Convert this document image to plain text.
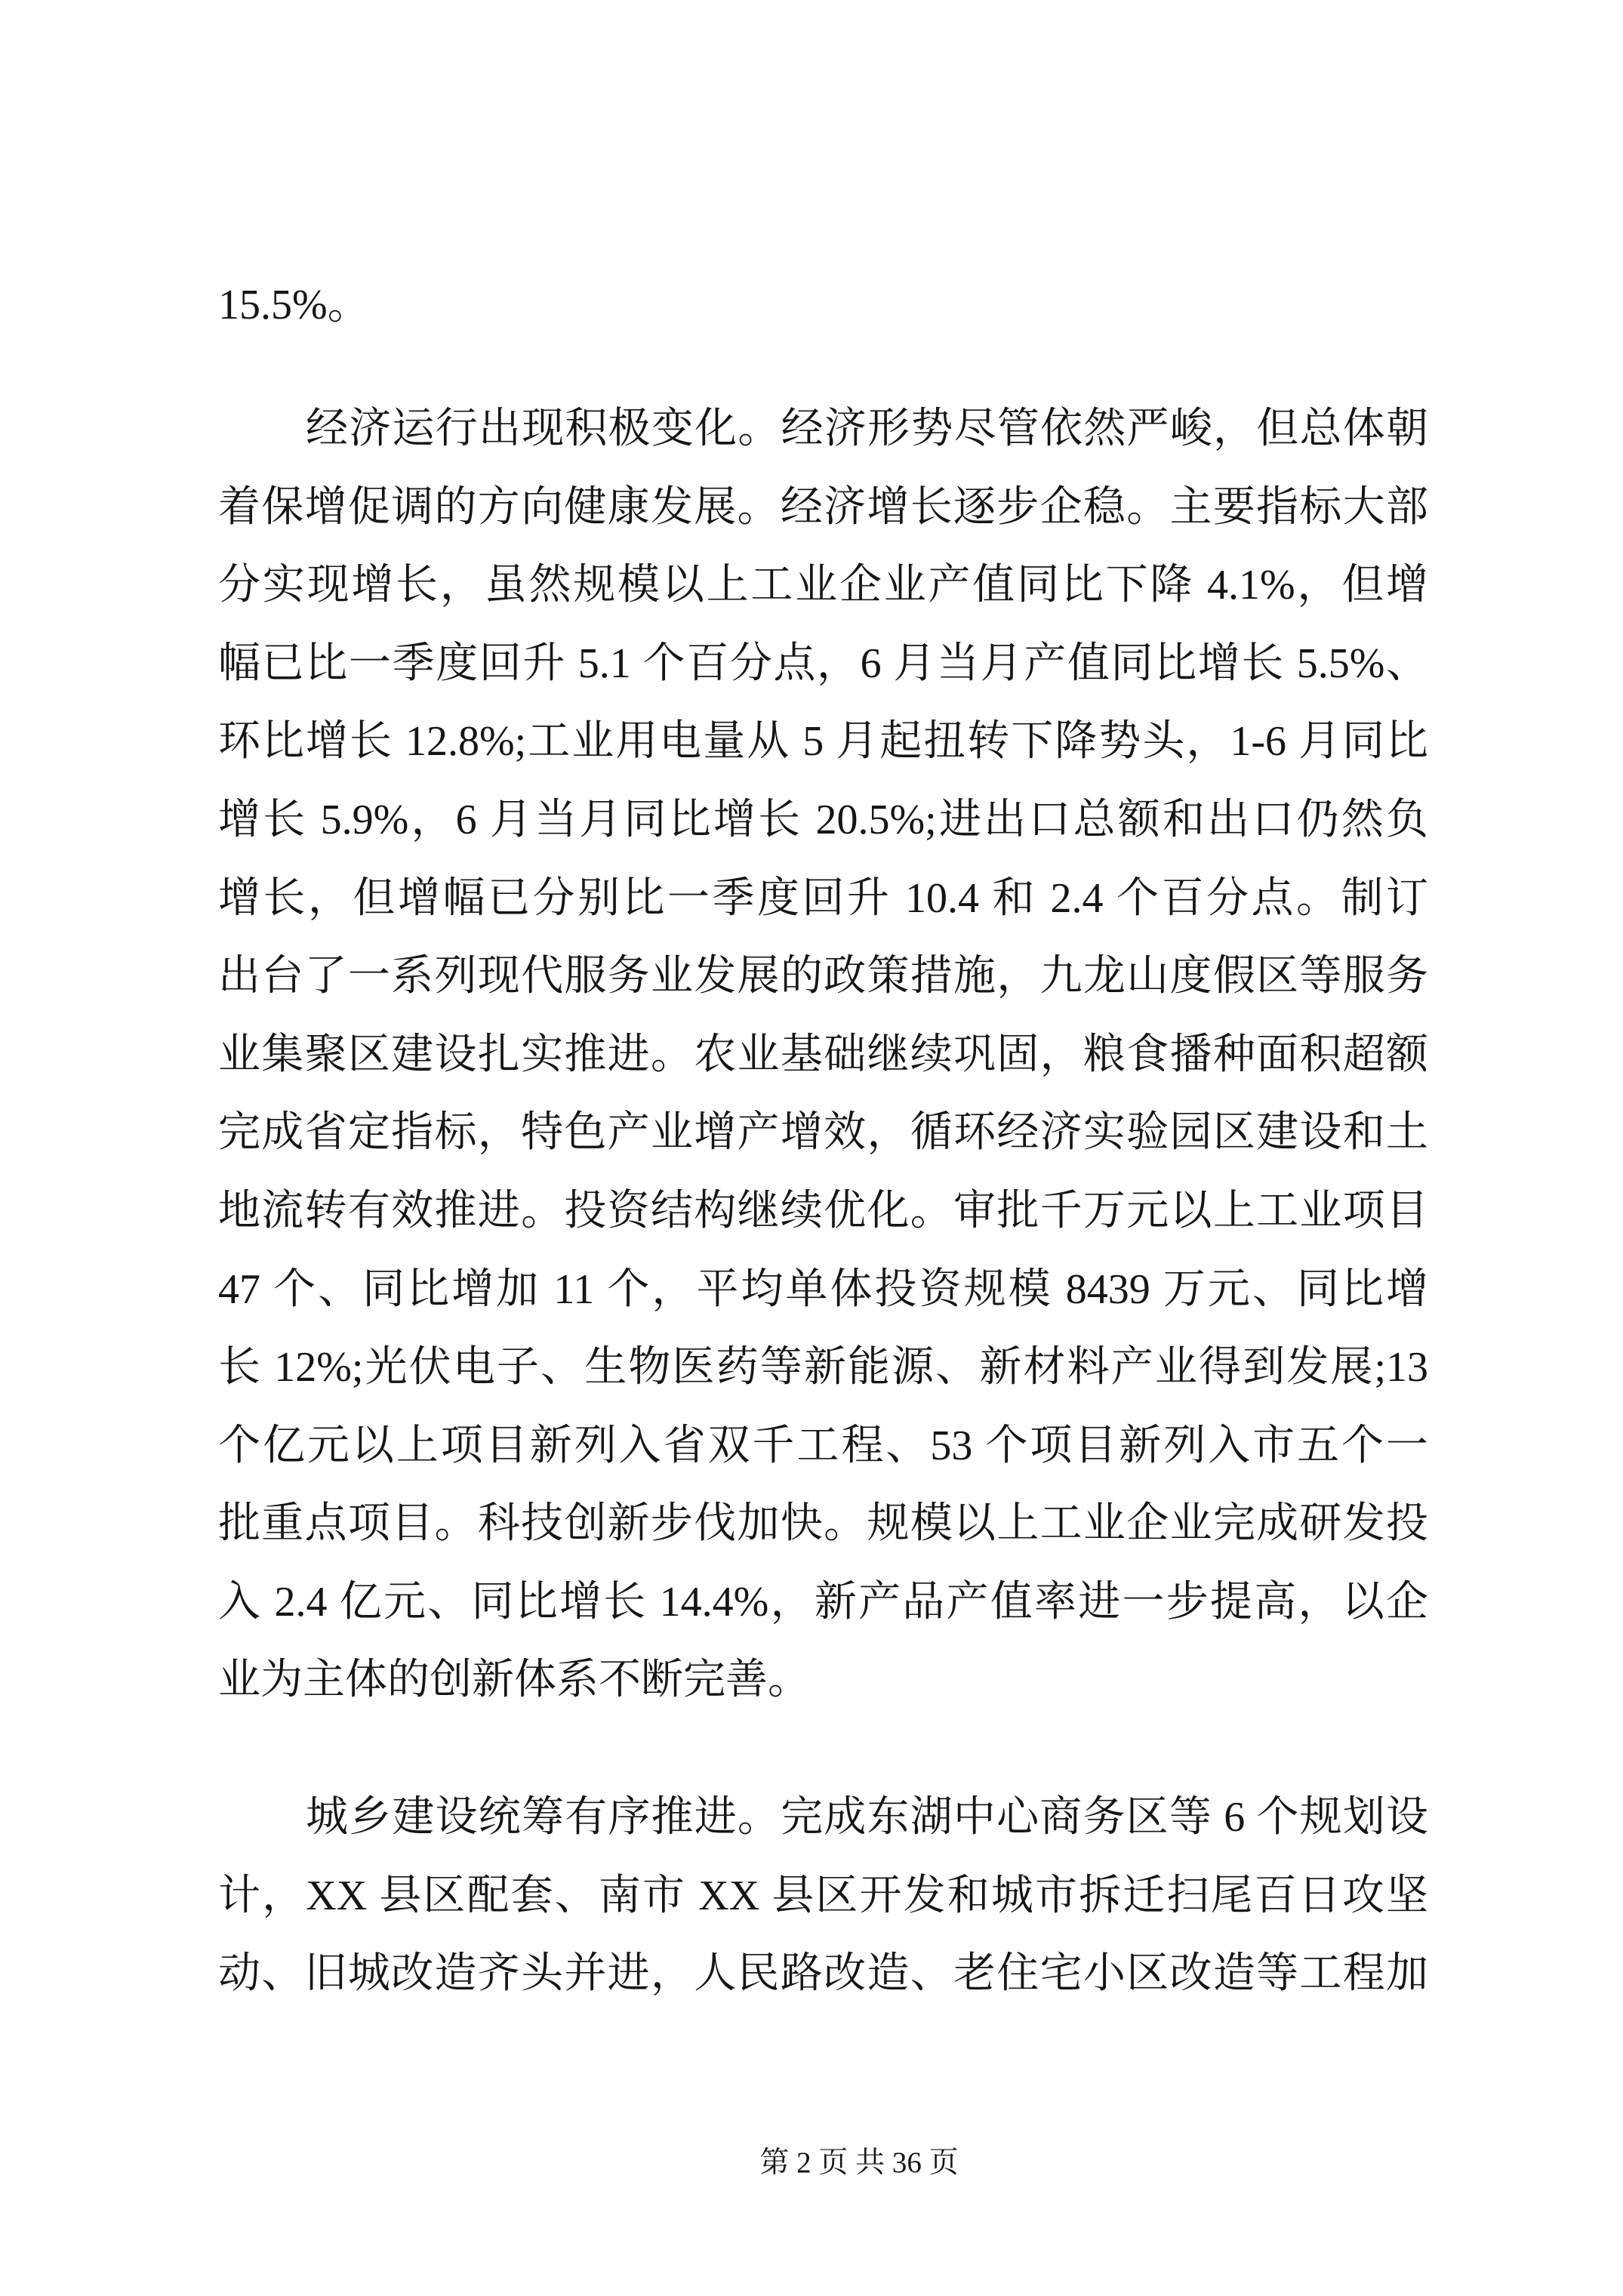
15.5%。
经济运行出现积极变化。经济形势尽管依然严峻，但总体朝
着保增促调的方向健康发展。经济增长逐步企稳。主要指标大部
分实现增长，虽然规模以上工业企业产值同比下降 4.1%，但增
幅已比一季度回升 5.1 个百分点，6 月当月产值同比增长 5.5%、
环比增长 12.8%;工业用电量从 5 月起扭转下降势头，1-6 月同比
增长 5.9%，6 月当月同比增长 20.5%;进出口总额和出口仍然负
增长，但增幅已分别比一季度回升 10.4 和 2.4 个百分点。制订
出台了一系列现代服务业发展的政策措施，九龙山度假区等服务
业集聚区建设扎实推进。农业基础继续巩固，粮食播种面积超额
完成省定指标，特色产业增产增效，循环经济实验园区建设和土
地流转有效推进。投资结构继续优化。审批千万元以上工业项目
47 个、同比增加 11 个，平均单体投资规模 8439 万元、同比增
长 12%;光伏电子、生物医药等新能源、新材料产业得到发展;13
个亿元以上项目新列入省双千工程、53 个项目新列入市五个一
批重点项目。科技创新步伐加快。规模以上工业企业完成研发投
入 2.4 亿元、同比增长 14.4%，新产品产值率进一步提高，以企
业为主体的创新体系不断完善。
城乡建设统筹有序推进。完成东湖中心商务区等 6 个规划设
计，XX 县区配套、南市 XX 县区开发和城市拆迁扫尾百日攻坚
动、旧城改造齐头并进，人民路改造、老住宅小区改造等工程加
第 2 页 共 36 页
